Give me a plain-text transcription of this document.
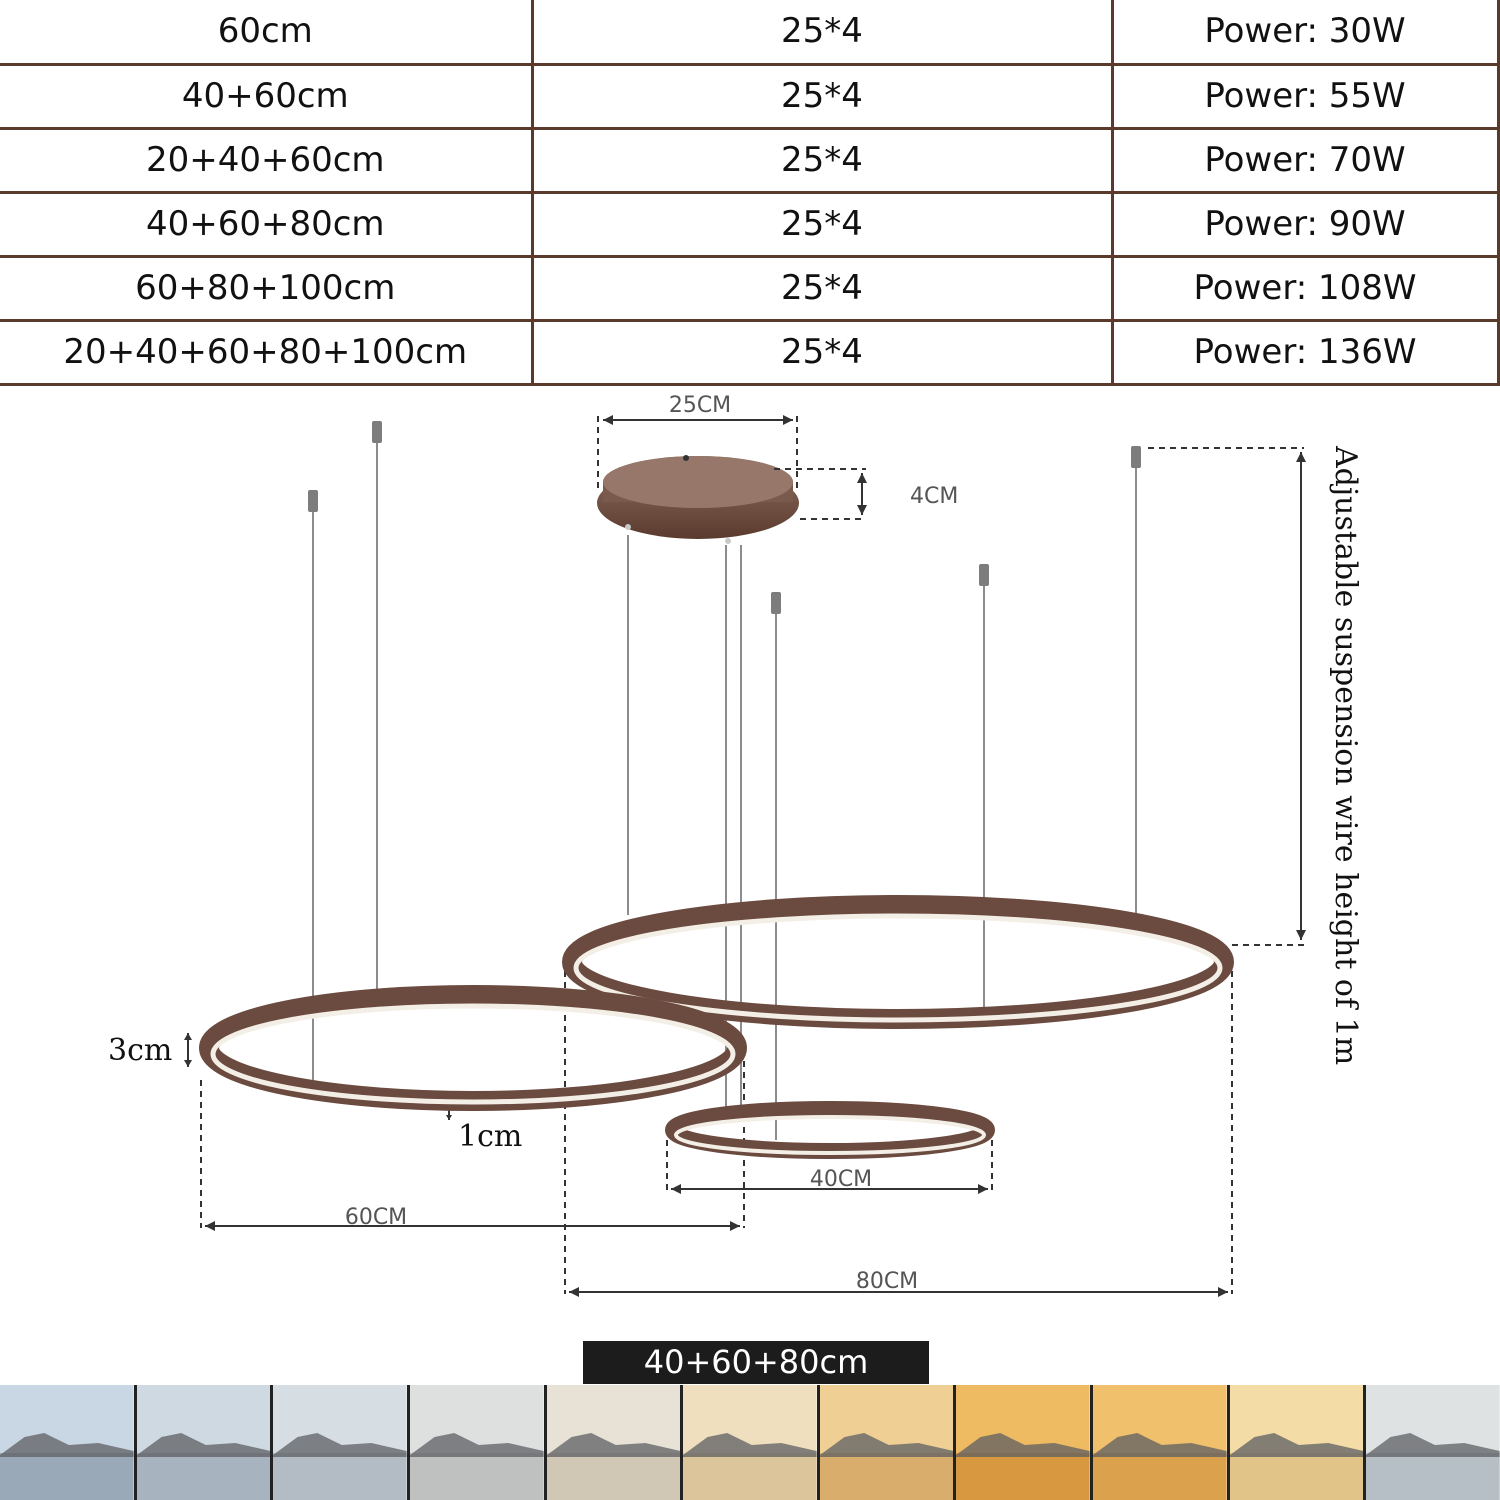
60cm	25*4	Power: 30W
40+60cm	25*4	Power: 55W
20+40+60cm	25*4	Power: 70W
40+60+80cm	25*4	Power: 90W
60+80+100cm	25*4	Power: 108W
20+40+60+80+100cm	25*4	Power: 136W
25CM
4CM
60CM
40CM
80CM
3cm
1cm
Adjustable suspension wire height of 1m
40+60+80cm
